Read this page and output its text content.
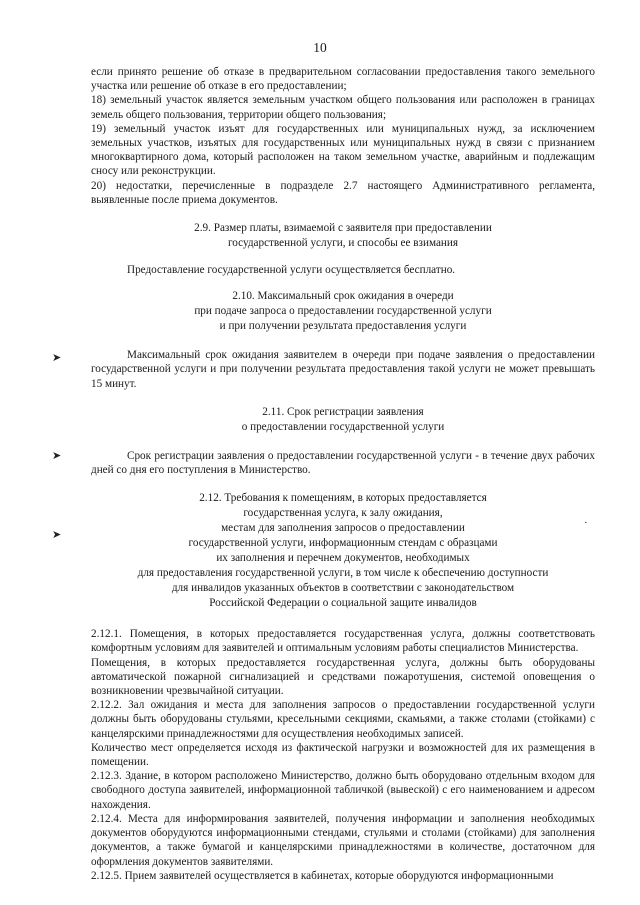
10
➤
➤
➤
·

если принято решение об отказе в предварительном согласовании предоставления такого земельного участка или решение об отказе в его предоставлении;

18) земельный участок является земельным участком общего пользования или расположен в границах земель общего пользования, территории общего пользования;

19) земельный участок изъят для государственных или муниципальных нужд, за исключением земельных участков, изъятых для государственных или муниципальных нужд в связи с признанием многоквартирного дома, который расположен на таком земельном участке, аварийным и подлежащим сносу или реконструкции.

20) недостатки, перечисленные в подразделе 2.7 настоящего Административного регламента, выявленные после приема документов.

2.9. Размер платы, взимаемой с заявителя при предоставлении

государственной услуги, и способы ее взимания

Предоставление государственной услуги осуществляется бесплатно.

2.10. Максимальный срок ожидания в очереди

при подаче запроса о предоставлении государственной услуги

и при получении результата предоставления услуги

Максимальный срок ожидания заявителем в очереди при подаче заявления о предоставлении государственной услуги и при получении результата предоставления такой услуги не может превышать 15 минут.

2.11. Срок регистрации заявления

о предоставлении государственной услуги

Срок регистрации заявления о предоставлении государственной услуги - в течение двух рабочих дней со дня его поступления в Министерство.

2.12. Требования к помещениям, в которых предоставляется

государственная услуга, к залу ожидания,

местам для заполнения запросов о предоставлении

государственной услуги, информационным стендам с образцами

их заполнения и перечнем документов, необходимых

для предоставления государственной услуги, в том числе к обеспечению доступности

для инвалидов указанных объектов в соответствии с законодательством

Российской Федерации о социальной защите инвалидов

2.12.1. Помещения, в которых предоставляется государственная услуга, должны соответствовать комфортным условиям для заявителей и оптимальным условиям работы специалистов Министерства.

Помещения, в которых предоставляется государственная услуга, должны быть оборудованы автоматической пожарной сигнализацией и средствами пожаротушения, системой оповещения о возникновении чрезвычайной ситуации.

2.12.2. Зал ожидания и места для заполнения запросов о предоставлении государственной услуги должны быть оборудованы стульями, кресельными секциями, скамьями, а также столами (стойками) с канцелярскими принадлежностями для осуществления необходимых записей.

Количество мест определяется исходя из фактической нагрузки и возможностей для их размещения в помещении.

2.12.3. Здание, в котором расположено Министерство, должно быть оборудовано отдельным входом для свободного доступа заявителей, информационной табличкой (вывеской) с его наименованием и адресом нахождения.

2.12.4. Места для информирования заявителей, получения информации и заполнения необходимых документов оборудуются информационными стендами, стульями и столами (стойками) для заполнения документов, а также бумагой и канцелярскими принадлежностями в количестве, достаточном для оформления документов заявителями.

2.12.5. Прием заявителей осуществляется в кабинетах, которые оборудуются информационными
